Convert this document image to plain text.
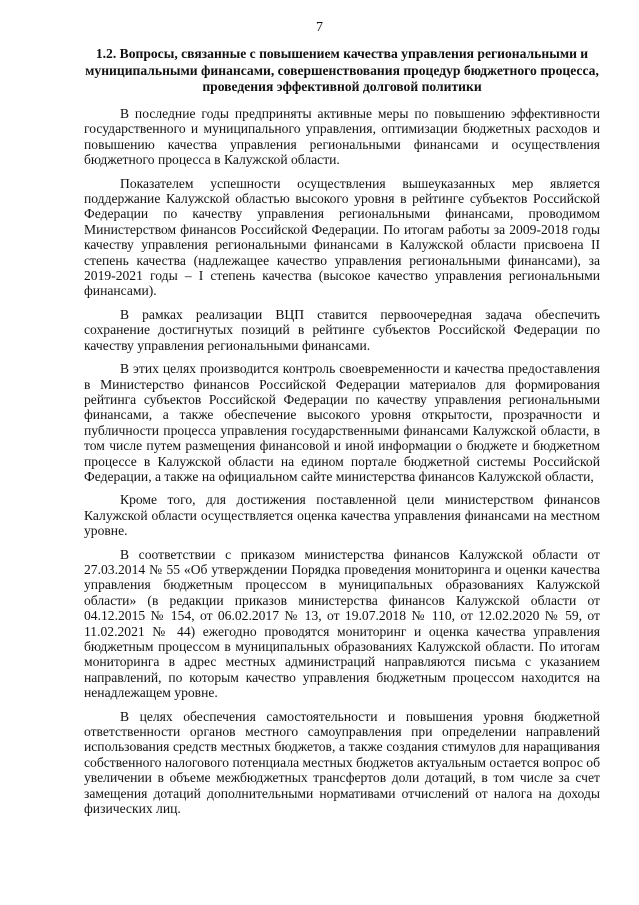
7
1.2. Вопросы, связанные с повышением качества управления региональными и муниципальными финансами, совершенствования процедур бюджетного процесса, проведения эффективной долговой политики

В последние годы предприняты активные меры по повышению эффективности государственного и муниципального управления, оптимизации бюджетных расходов и повышению качества управления региональными финансами и осуществления бюджетного процесса в Калужской области.

Показателем успешности осуществления вышеуказанных мер является поддержание Калужской областью высокого уровня в рейтинге субъектов Российской Федерации по качеству управления региональными финансами, проводимом Министерством финансов Российской Федерации. По итогам работы за 2009-2018 годы качеству управления региональными финансами в Калужской области присвоена II степень качества (надлежащее качество управления региональными финансами), за 2019-2021 годы – I степень качества (высокое качество управления региональными финансами).

В рамках реализации ВЦП ставится первоочередная задача обеспечить сохранение достигнутых позиций в рейтинге субъектов Российской Федерации по качеству управления региональными финансами.

В этих целях производится контроль своевременности и качества предоставления в Министерство финансов Российской Федерации материалов для формирования рейтинга субъектов Российской Федерации по качеству управления региональными финансами, а также обеспечение высокого уровня открытости, прозрачности и публичности процесса управления государственными финансами Калужской области, в том числе путем размещения финансовой и иной информации о бюджете и бюджетном процессе в Калужской области на едином портале бюджетной системы Российской Федерации, а также на официальном сайте министерства финансов Калужской области,

Кроме того, для достижения поставленной цели министерством финансов Калужской области осуществляется оценка качества управления финансами на местном уровне.

В соответствии с приказом министерства финансов Калужской области от 27.03.2014 № 55 «Об утверждении Порядка проведения мониторинга и оценки качества управления бюджетным процессом в муниципальных образованиях Калужской области» (в редакции приказов министерства финансов Калужской области от 04.12.2015 № 154, от 06.02.2017 № 13, от 19.07.2018 № 110, от 12.02.2020 № 59, от 11.02.2021 № 44) ежегодно проводятся мониторинг и оценка качества управления бюджетным процессом в муниципальных образованиях Калужской области. По итогам мониторинга в адрес местных администраций направляются письма с указанием направлений, по которым качество управления бюджетным процессом находится на ненадлежащем уровне.

В целях обеспечения самостоятельности и повышения уровня бюджетной ответственности органов местного самоуправления при определении направлений использования средств местных бюджетов, а также создания стимулов для наращивания собственного налогового потенциала местных бюджетов актуальным остается вопрос об увеличении в объеме межбюджетных трансфертов доли дотаций, в том числе за счет замещения дотаций дополнительными нормативами отчислений от налога на доходы физических лиц.
